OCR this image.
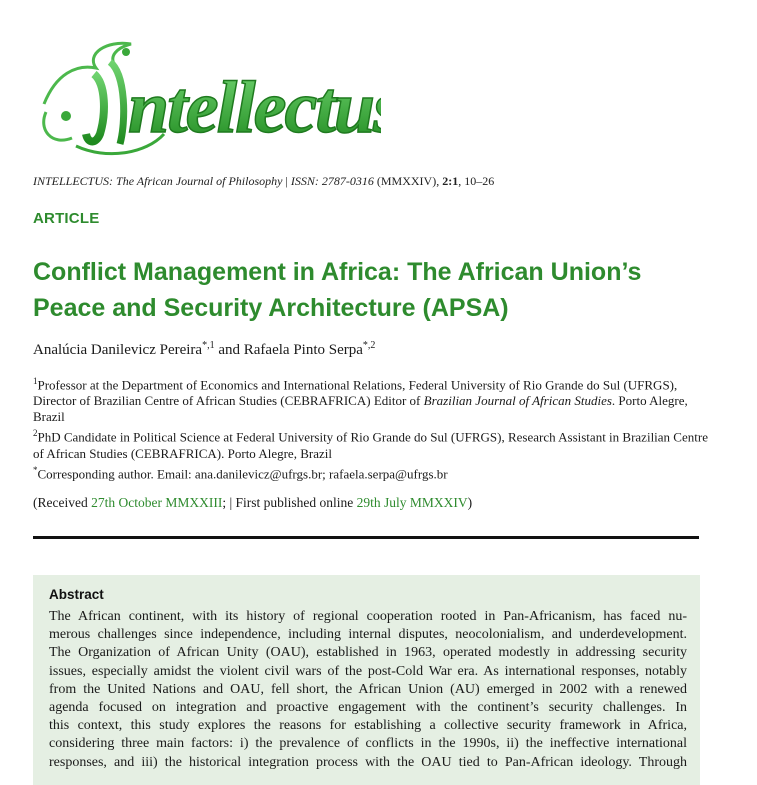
ntellectus
INTELLECTUS: The African Journal of Philosophy | ISSN: 2787-0316 (MMXXIV), 2:1, 10–26
ARTICLE
Conflict Management in Africa: The African Union’s
Peace and Security Architecture (APSA)
Analúcia Danilevicz Pereira$^{*,1}$ and Rafaela Pinto Serpa$^{*,2}$

$^1$Professor at the Department of Economics and International Relations, Federal University of Rio Grande do Sul (UFRGS), Director of Brazilian Centre of African Studies (CEBRAFRICA) Editor of Brazilian Journal of African Studies. Porto Alegre, Brazil

$^2$PhD Candidate in Political Science at Federal University of Rio Grande do Sul (UFRGS), Research Assistant in Brazilian Centre of African Studies (CEBRAFRICA). Porto Alegre, Brazil

*Corresponding author. Email: ana.danilevicz@ufrgs.br; rafaela.serpa@ufrgs.br

(Received 27th October MMXXIII; | First published online 29th July MMXXIV)
Abstract
The African continent, with its history of regional cooperation rooted in Pan-Africanism, has faced nu-
merous challenges since independence, including internal disputes, neocolonialism, and underdevelopment.
The Organization of African Unity (OAU), established in 1963, operated modestly in addressing security
issues, especially amidst the violent civil wars of the post-Cold War era. As international responses, notably
from the United Nations and OAU, fell short, the African Union (AU) emerged in 2002 with a renewed
agenda focused on integration and proactive engagement with the continent’s security challenges. In
this context, this study explores the reasons for establishing a collective security framework in Africa,
considering three main factors: i) the prevalence of conflicts in the 1990s, ii) the ineffective international
responses, and iii) the historical integration process with the OAU tied to Pan-African ideology. Through
